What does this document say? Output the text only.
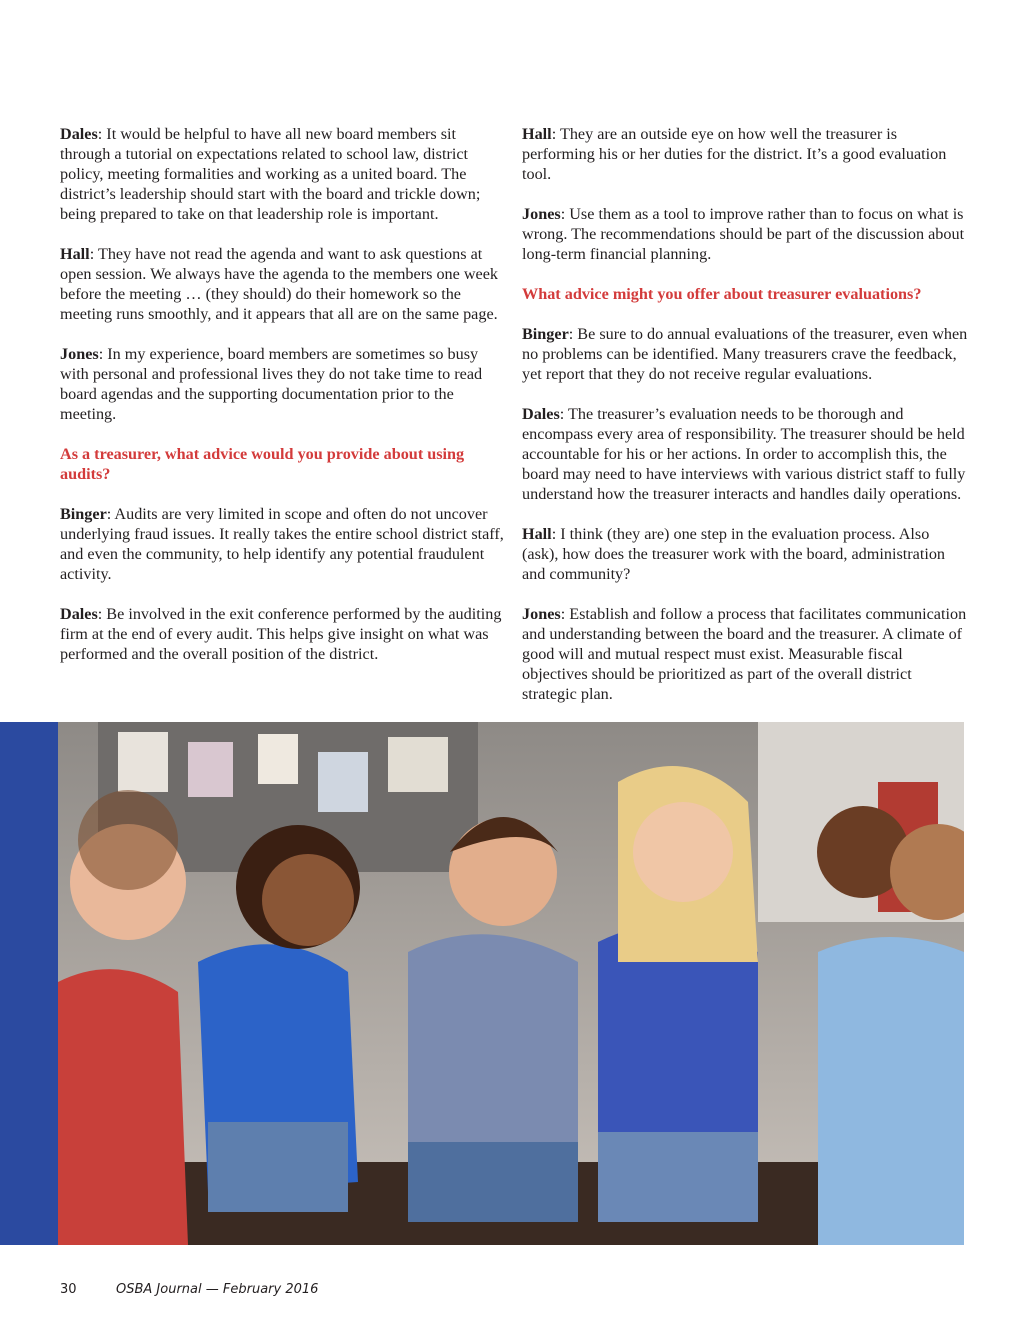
Dales: It would be helpful to have all new board members sit through a tutorial on expectations related to school law, district policy, meeting formalities and working as a united board. The district’s leadership should start with the board and trickle down; being prepared to take on that leadership role is important.

Hall: They have not read the agenda and want to ask questions at open session. We always have the agenda to the members one week before the meeting … (they should) do their homework so the meeting runs smoothly, and it appears that all are on the same page.

Jones: In my experience, board members are sometimes so busy with personal and professional lives they do not take time to read board agendas and the supporting documentation prior to the meeting.

As a treasurer, what advice would you provide about using audits?

Binger: Audits are very limited in scope and often do not uncover underlying fraud issues. It really takes the entire school district staff, and even the community, to help identify any potential fraudulent activity.

Dales: Be involved in the exit conference performed by the auditing firm at the end of every audit. This helps give insight on what was performed and the overall position of the district.

Hall: They are an outside eye on how well the treasurer is performing his or her duties for the district. It’s a good evaluation tool.

Jones: Use them as a tool to improve rather than to focus on what is wrong. The recommendations should be part of the discussion about long-term financial planning.

What advice might you offer about treasurer evaluations?

Binger: Be sure to do annual evaluations of the treasurer, even when no problems can be identified. Many treasurers crave the feedback, yet report that they do not receive regular evaluations.

Dales: The treasurer’s evaluation needs to be thorough and encompass every area of responsibility. The treasurer should be held accountable for his or her actions. In order to accomplish this, the board may need to have interviews with various district staff to fully understand how the treasurer interacts and handles daily operations.

Hall: I think (they are) one step in the evaluation process. Also (ask), how does the treasurer work with the board, administration and community?

Jones: Establish and follow a process that facilitates communication and understanding between the board and the treasurer. A climate of good will and mutual respect must exist. Measurable fiscal objectives should be prioritized as part of the overall district strategic plan.

30	OSBA Journal — February 2016
